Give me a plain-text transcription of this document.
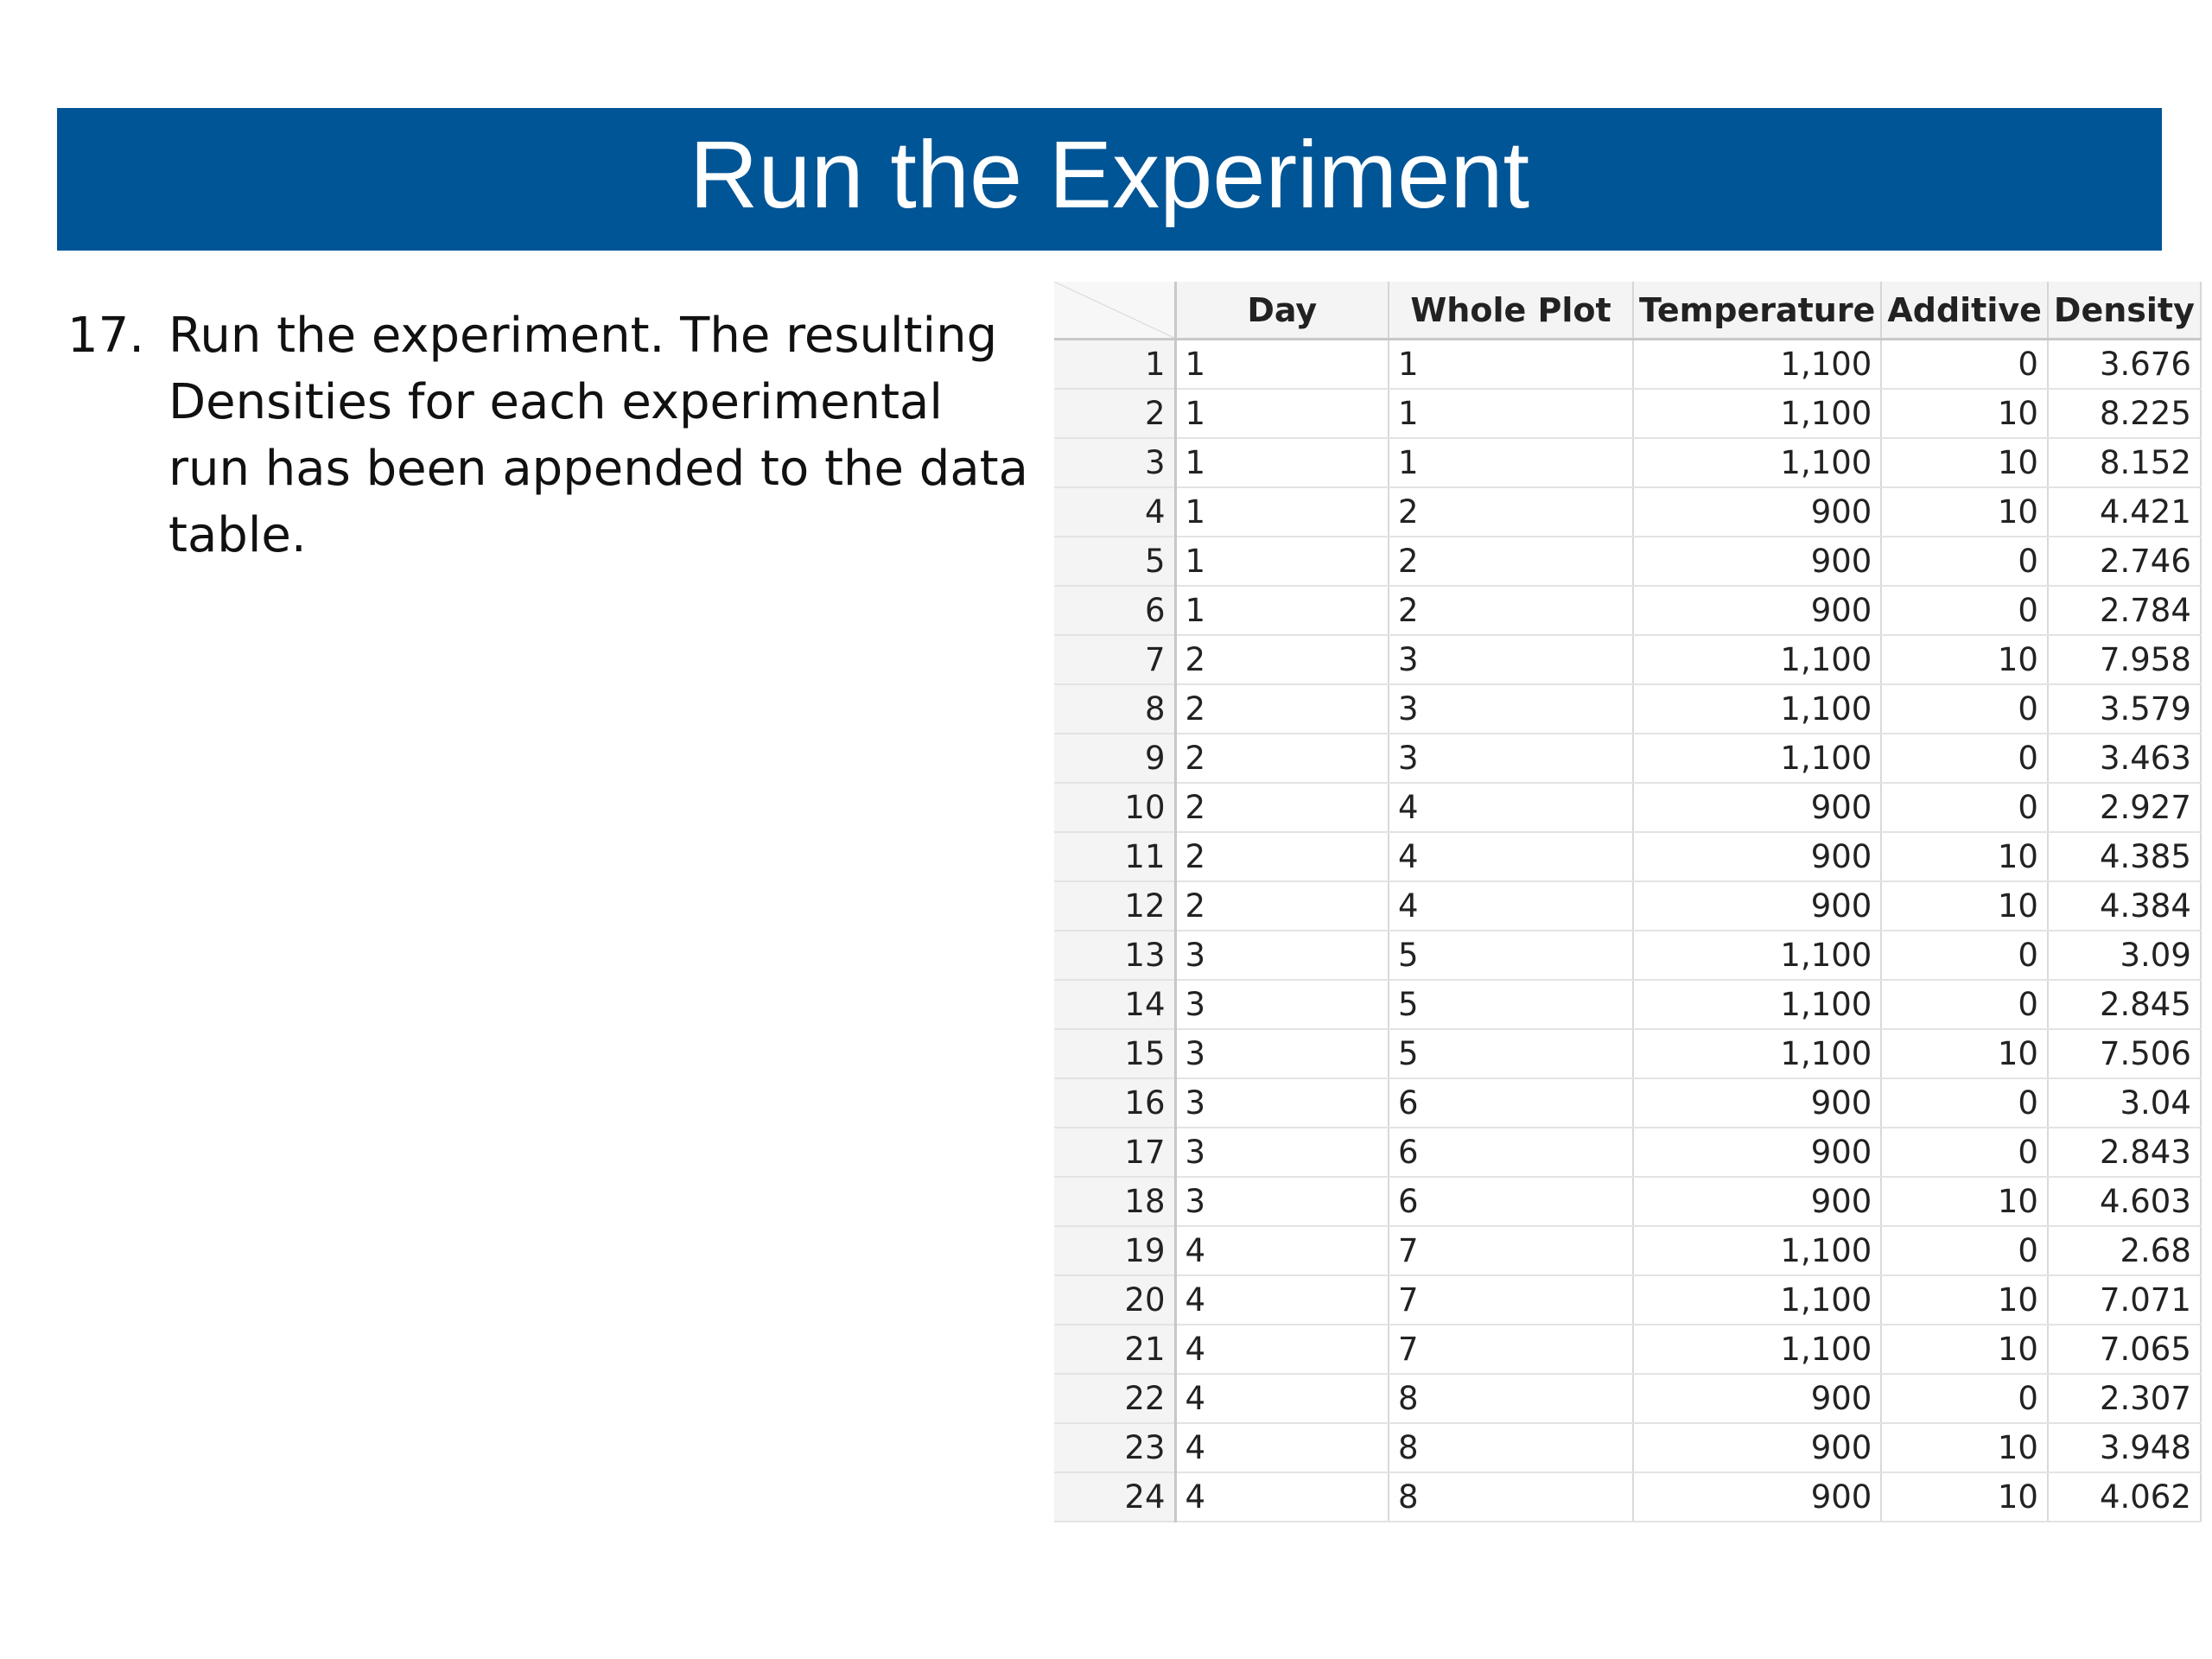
Run the Experiment
17. Run the experiment. The resulting Densities for each experimental run has been appended to the data table.
	Day	Whole Plot	Temperature	Additive	Density
1	1	1	1,100	0	3.676
2	1	1	1,100	10	8.225
3	1	1	1,100	10	8.152
4	1	2	900	10	4.421
5	1	2	900	0	2.746
6	1	2	900	0	2.784
7	2	3	1,100	10	7.958
8	2	3	1,100	0	3.579
9	2	3	1,100	0	3.463
10	2	4	900	0	2.927
11	2	4	900	10	4.385
12	2	4	900	10	4.384
13	3	5	1,100	0	3.09
14	3	5	1,100	0	2.845
15	3	5	1,100	10	7.506
16	3	6	900	0	3.04
17	3	6	900	0	2.843
18	3	6	900	10	4.603
19	4	7	1,100	0	2.68
20	4	7	1,100	10	7.071
21	4	7	1,100	10	7.065
22	4	8	900	0	2.307
23	4	8	900	10	3.948
24	4	8	900	10	4.062
